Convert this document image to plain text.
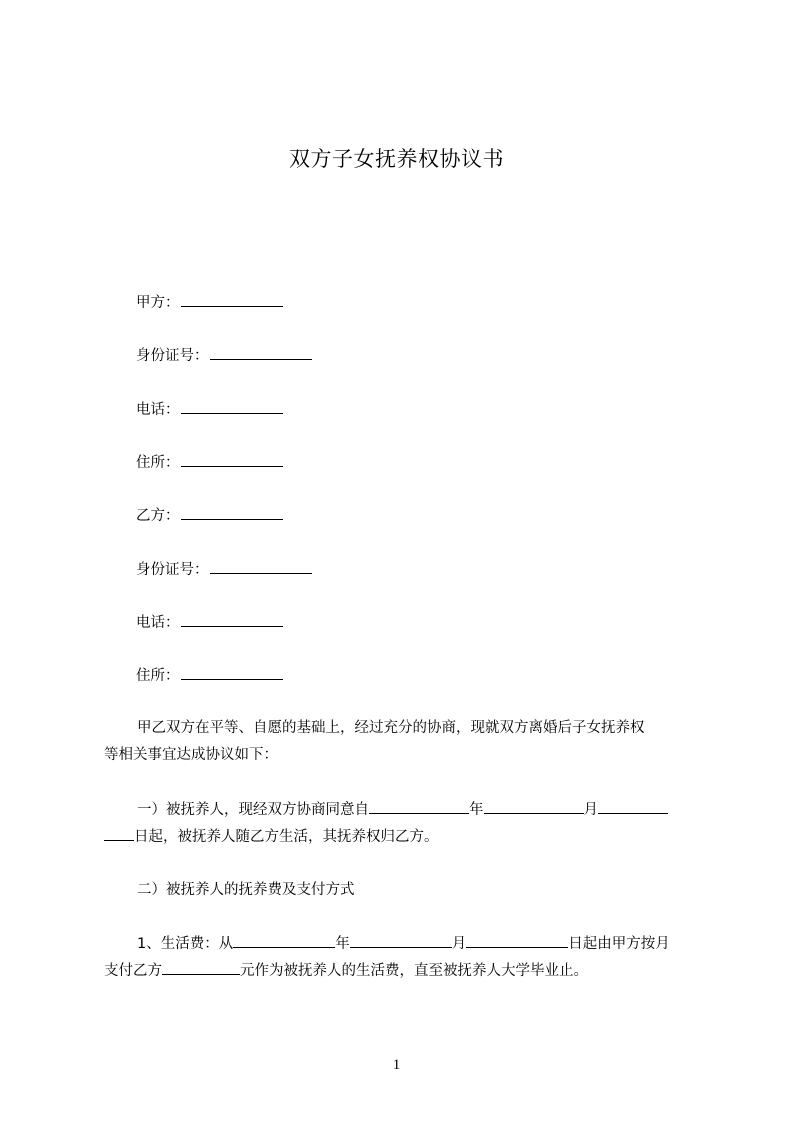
双方子女抚养权协议书
甲方：
身份证号：
电话：
住所：
乙方：
身份证号：
电话：
住所：
甲乙双方在平等、自愿的基础上，经过充分的协商，现就双方离婚后子女抚养权
等相关事宜达成协议如下：
一）被抚养人，现经双方协商同意自	年	月
日起，被抚养人随乙方生活，其抚养权归乙方。
二）被抚养人的抚养费及支付方式
1、生活费：从	年	月	日起由甲方按月
支付乙方	元作为被抚养人的生活费，直至被抚养人大学毕业止。
1
